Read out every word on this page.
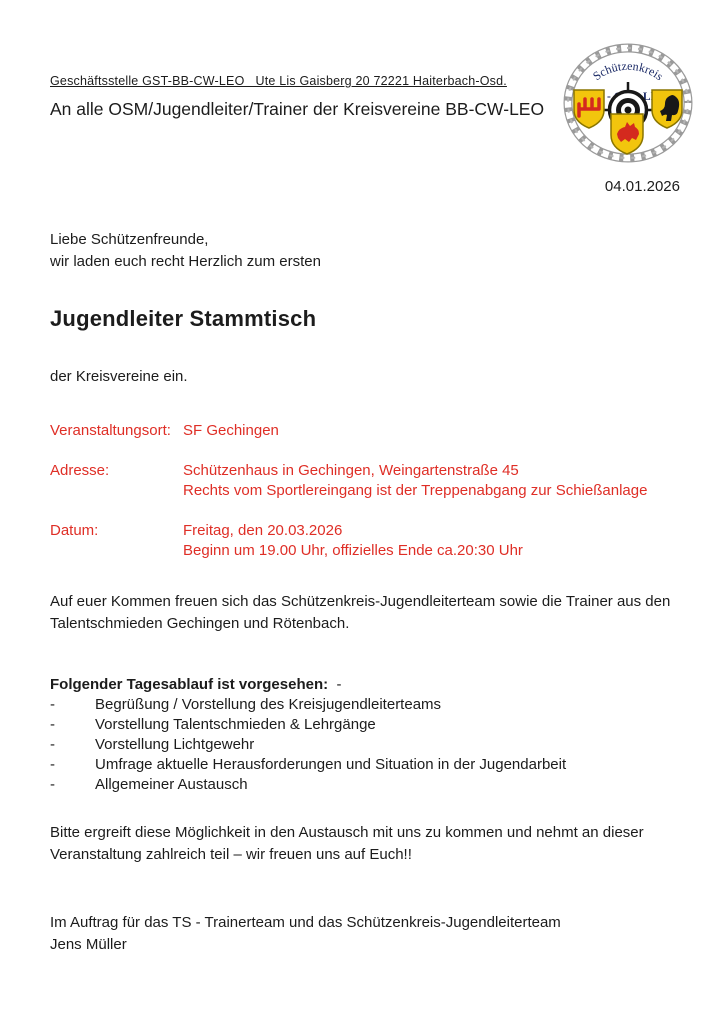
Schützenkreis
-
Geschäftsstelle GST-BB-CW-LEO   Ute Lis Gaisberg 20 72221 Haiterbach-Osd.
An alle OSM/Jugendleiter/Trainer der Kreisvereine BB-CW-LEO
04.01.2026
Liebe Schützenfreunde,
wir laden euch recht Herzlich zum ersten
Jugendleiter Stammtisch
der Kreisvereine ein.
Veranstaltungsort: SF Gechingen
Adresse:	Schützenhaus in Gechingen, Weingartenstraße 45
Rechts vom Sportlereingang ist der Treppenabgang zur Schießanlage
Datum:	Freitag, den 20.03.2026
Beginn um 19.00 Uhr, offizielles Ende ca.20:30 Uhr
Auf euer Kommen freuen sich das Schützenkreis-Jugendleiterteam sowie die Trainer aus den Talentschmieden Gechingen und Rötenbach.
Folgender Tagesablauf ist vorgesehen:  -
-	Begrüßung / Vorstellung des Kreisjugendleiterteams
-	Vorstellung Talentschmieden & Lehrgänge
-	Vorstellung Lichtgewehr
-	Umfrage aktuelle Herausforderungen und Situation in der Jugendarbeit
-	Allgemeiner Austausch
Bitte ergreift diese Möglichkeit in den Austausch mit uns zu kommen und nehmt an dieser Veranstaltung zahlreich teil – wir freuen uns auf Euch!!
Im Auftrag für das TS - Trainerteam und das Schützenkreis-Jugendleiterteam
Jens Müller
